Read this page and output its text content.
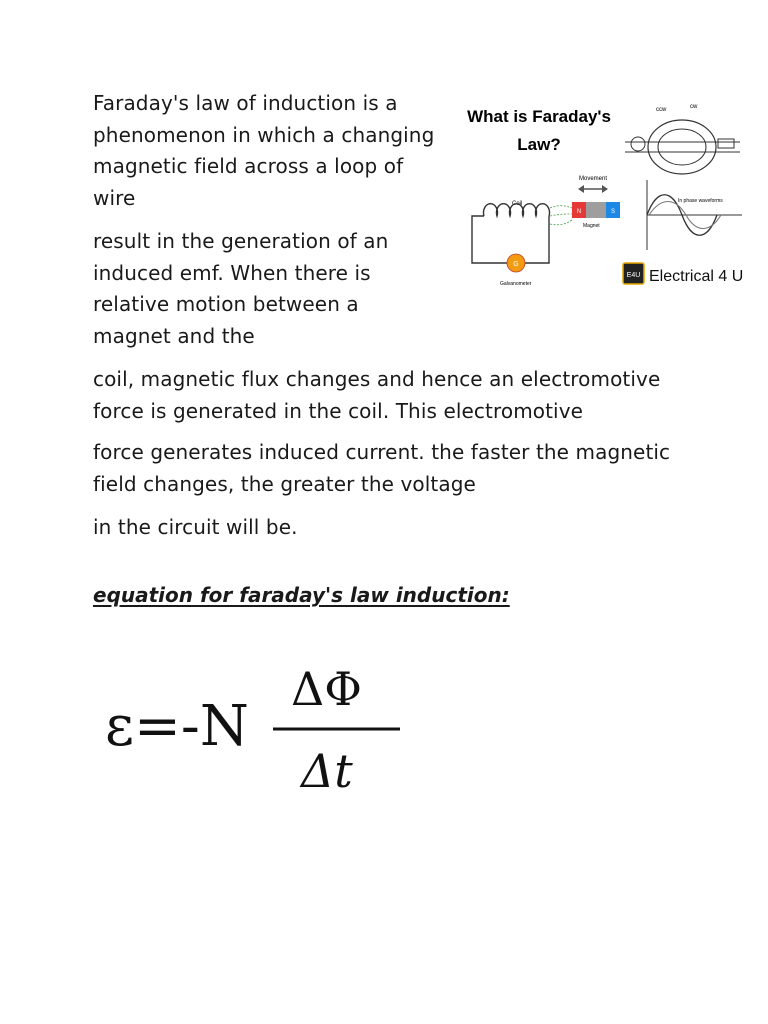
Faraday's law of induction is a phenomenon in which a changing magnetic field across a loop of wire

result in the generation of an induced emf. When there is relative motion between a magnet and the

coil, magnetic flux changes and hence an electromotive force is generated in the coil. This electromotive

force generates induced current. the faster the magnetic field changes, the greater the voltage

in the circuit will be.

equation for faraday's law induction:

ε=-N
ΔΦ
Δt
What is Faraday's
Law?
ccw	cw
Coil
Movement
N	S
Magnet
G
Galvanometer
In phase waveforms
E4U Electrical 4 U
